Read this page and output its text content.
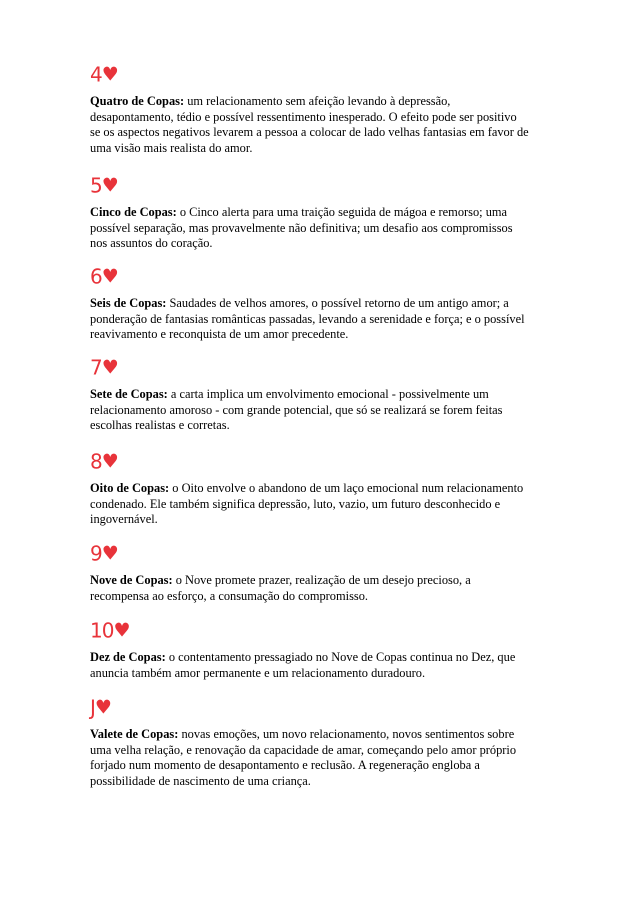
4♥

Quatro de Copas: um relacionamento sem afeição levando à depressão,
desapontamento, tédio e possível ressentimento inesperado. O efeito pode ser positivo
se os aspectos negativos levarem a pessoa a colocar de lado velhas fantasias em favor de
uma visão mais realista do amor.

5♥

Cinco de Copas: o Cinco alerta para uma traição seguida de mágoa e remorso; uma
possível separação, mas provavelmente não definitiva; um desafio aos compromissos
nos assuntos do coração.

6♥

Seis de Copas: Saudades de velhos amores, o possível retorno de um antigo amor; a
ponderação de fantasias românticas passadas, levando a serenidade e força; e o possível
reavivamento e reconquista de um amor precedente.

7♥

Sete de Copas: a carta implica um envolvimento emocional - possivelmente um
relacionamento amoroso - com grande potencial, que só se realizará se forem feitas
escolhas realistas e corretas.

8♥

Oito de Copas: o Oito envolve o abandono de um laço emocional num relacionamento
condenado. Ele também significa depressão, luto, vazio, um futuro desconhecido e
ingovernável.

9♥

Nove de Copas: o Nove promete prazer, realização de um desejo precioso, a
recompensa ao esforço, a consumação do compromisso.

10♥

Dez de Copas: o contentamento pressagiado no Nove de Copas continua no Dez, que
anuncia também amor permanente e um relacionamento duradouro.

J♥

Valete de Copas: novas emoções, um novo relacionamento, novos sentimentos sobre
uma velha relação, e renovação da capacidade de amar, começando pelo amor próprio
forjado num momento de desapontamento e reclusão. A regeneração engloba a
possibilidade de nascimento de uma criança.
